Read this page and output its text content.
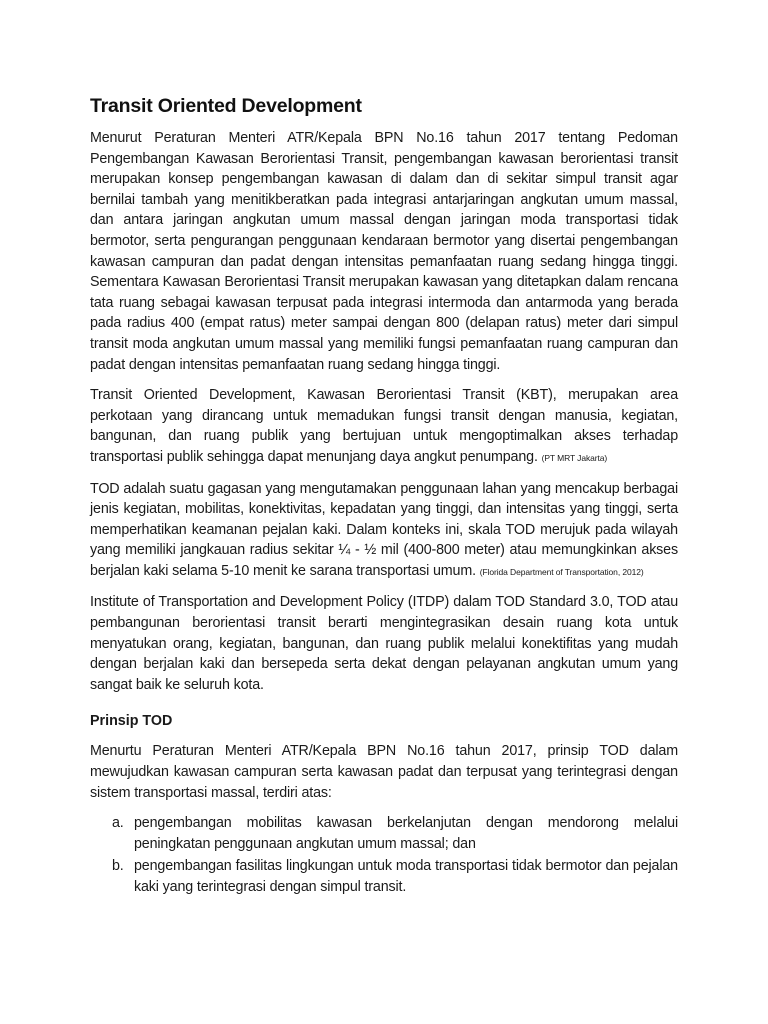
Transit Oriented Development

Menurut Peraturan Menteri ATR/Kepala BPN No.16 tahun 2017 tentang Pedoman Pengembangan Kawasan Berorientasi Transit, pengembangan kawasan berorientasi transit merupakan konsep pengembangan kawasan di dalam dan di sekitar simpul transit agar bernilai tambah yang menitikberatkan pada integrasi antarjaringan angkutan umum massal, dan antara jaringan angkutan umum massal dengan jaringan moda transportasi tidak bermotor, serta pengurangan penggunaan kendaraan bermotor yang disertai pengembangan kawasan campuran dan padat dengan intensitas pemanfaatan ruang sedang hingga tinggi. Sementara Kawasan Berorientasi Transit merupakan kawasan yang ditetapkan dalam rencana tata ruang sebagai kawasan terpusat pada integrasi intermoda dan antarmoda yang berada pada radius 400 (empat ratus) meter sampai dengan 800 (delapan ratus) meter dari simpul transit moda angkutan umum massal yang memiliki fungsi pemanfaatan ruang campuran dan padat dengan intensitas pemanfaatan ruang sedang hingga tinggi.

Transit Oriented Development, Kawasan Berorientasi Transit (KBT), merupakan area perkotaan yang dirancang untuk memadukan fungsi transit dengan manusia, kegiatan, bangunan, dan ruang publik yang bertujuan untuk mengoptimalkan akses terhadap transportasi publik sehingga dapat menunjang daya angkut penumpang. (PT MRT Jakarta)

TOD adalah suatu gagasan yang mengutamakan penggunaan lahan yang mencakup berbagai jenis kegiatan, mobilitas, konektivitas, kepadatan yang tinggi, dan intensitas yang tinggi, serta memperhatikan keamanan pejalan kaki. Dalam konteks ini, skala TOD merujuk pada wilayah yang memiliki jangkauan radius sekitar ¼ - ½ mil (400-800 meter) atau memungkinkan akses berjalan kaki selama 5-10 menit ke sarana transportasi umum. (Florida Department of Transportation, 2012)

Institute of Transportation and Development Policy (ITDP) dalam TOD Standard 3.0, TOD atau pembangunan berorientasi transit berarti mengintegrasikan desain ruang kota untuk menyatukan orang, kegiatan, bangunan, dan ruang publik melalui konektifitas yang mudah dengan berjalan kaki dan bersepeda serta dekat dengan pelayanan angkutan umum yang sangat baik ke seluruh kota.

Prinsip TOD

Menurtu Peraturan Menteri ATR/Kepala BPN No.16 tahun 2017, prinsip TOD dalam mewujudkan kawasan campuran serta kawasan padat dan terpusat yang terintegrasi dengan sistem transportasi massal, terdiri atas:

a. pengembangan mobilitas kawasan berkelanjutan dengan mendorong melalui peningkatan penggunaan angkutan umum massal; dan
b. pengembangan fasilitas lingkungan untuk moda transportasi tidak bermotor dan pejalan kaki yang terintegrasi dengan simpul transit.
